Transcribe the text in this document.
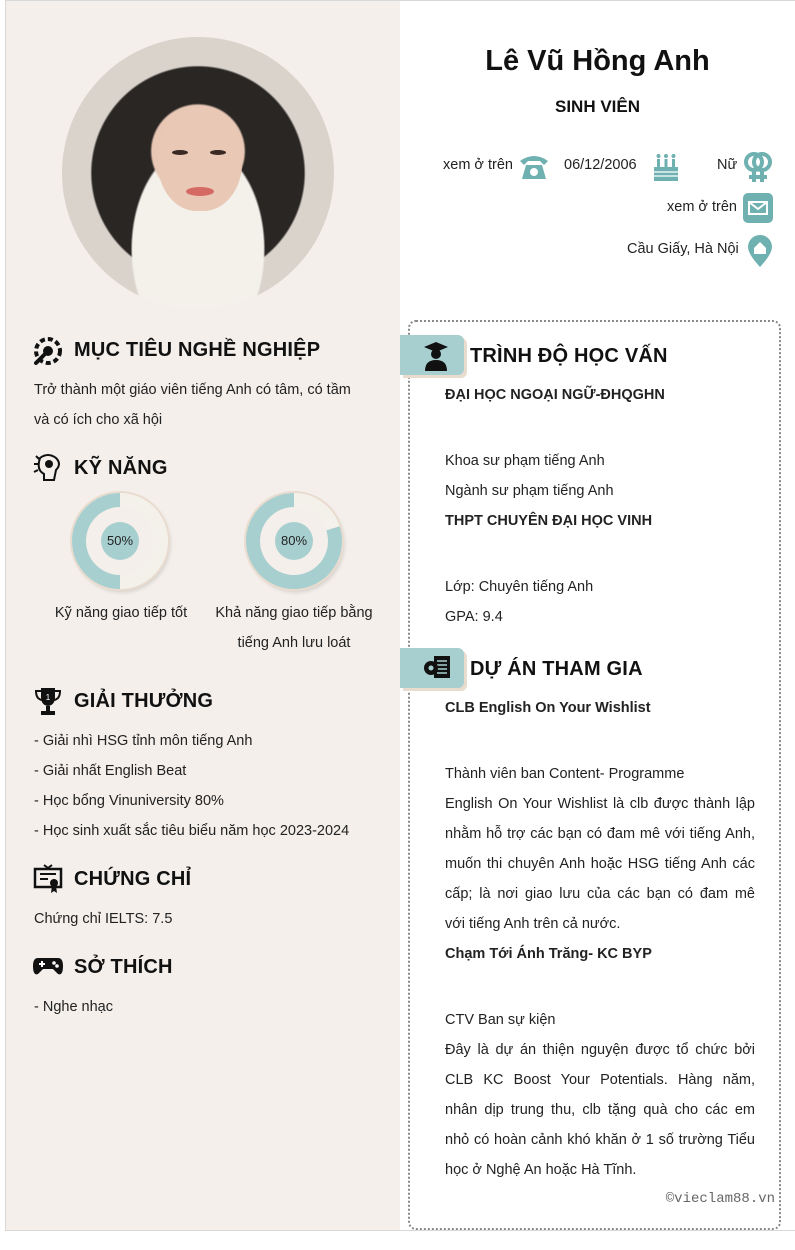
MỤC TIÊU NGHỀ NGHIỆP
Trở thành một giáo viên tiếng Anh có tâm, có tầm
và có ích cho xã hội
KỸ NĂNG
50%
Kỹ năng giao tiếp tốt
80%
Khả năng giao tiếp bằng
tiếng Anh lưu loát
1 GIẢI THƯỞNG
- Giải nhì HSG tỉnh môn tiếng Anh
- Giải nhất English Beat
- Học bổng Vinuniversity 80%
- Học sinh xuất sắc tiêu biểu năm học 2023-2024
CHỨNG CHỈ
Chứng chỉ IELTS: 7.5
SỞ THÍCH
- Nghe nhạc
Lê Vũ Hồng Anh
SINH VIÊN
xem ở trên	06/12/2006	Nữ
xem ở trên
Cầu Giấy, Hà Nội
TRÌNH ĐỘ HỌC VẤN
ĐẠI HỌC NGOẠI NGỮ-ĐHQGHN
Khoa sư phạm tiếng Anh
Ngành sư phạm tiếng Anh
THPT CHUYÊN ĐẠI HỌC VINH
Lớp: Chuyên tiếng Anh
GPA: 9.4
DỰ ÁN THAM GIA
CLB English On Your Wishlist
Thành viên ban Content- Programme
English On Your Wishlist là clb được thành lập
nhằm hỗ trợ các bạn có đam mê với tiếng Anh,
muốn thi chuyên Anh hoặc HSG tiếng Anh các
cấp; là nơi giao lưu của các bạn có đam mê
với tiếng Anh trên cả nước.
Chạm Tới Ánh Trăng- KC BYP
CTV Ban sự kiện
Đây là dự án thiện nguyện được tổ chức bởi
CLB KC Boost Your Potentials. Hàng năm,
nhân dịp trung thu, clb tặng quà cho các em
nhỏ có hoàn cảnh khó khăn ở 1 số trường Tiểu
học ở Nghệ An hoặc Hà Tĩnh.
©vieclam88.vn
